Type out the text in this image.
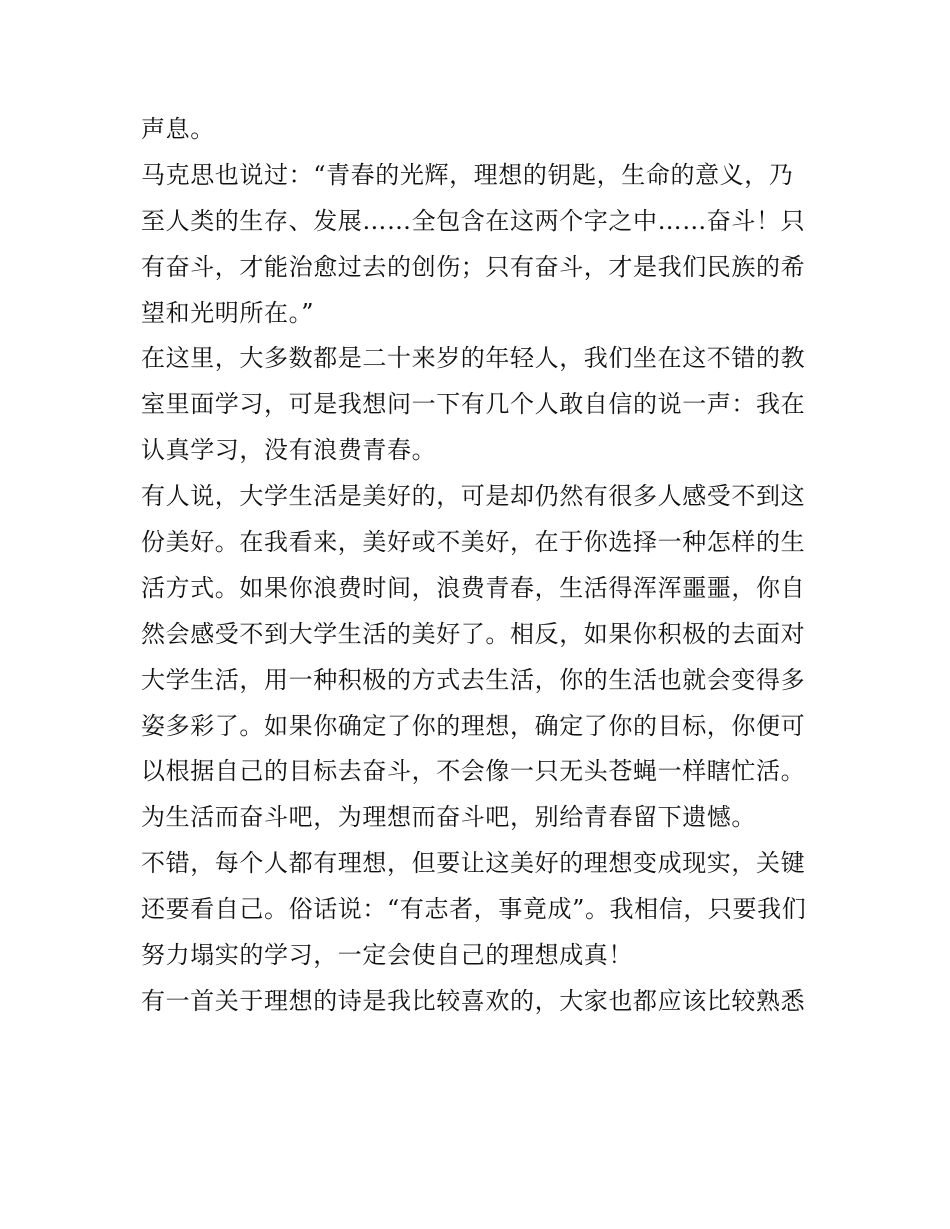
声息。
马克思也说过：“青春的光辉，理想的钥匙，生命的意义，乃
至人类的生存、发展……全包含在这两个字之中……奋斗！只
有奋斗，才能治愈过去的创伤；只有奋斗，才是我们民族的希
望和光明所在。”
在这里，大多数都是二十来岁的年轻人，我们坐在这不错的教
室里面学习，可是我想问一下有几个人敢自信的说一声：我在
认真学习，没有浪费青春。
有人说，大学生活是美好的，可是却仍然有很多人感受不到这
份美好。在我看来，美好或不美好，在于你选择一种怎样的生
活方式。如果你浪费时间，浪费青春，生活得浑浑噩噩，你自
然会感受不到大学生活的美好了。相反，如果你积极的去面对
大学生活，用一种积极的方式去生活，你的生活也就会变得多
姿多彩了。如果你确定了你的理想，确定了你的目标，你便可
以根据自己的目标去奋斗，不会像一只无头苍蝇一样瞎忙活。
为生活而奋斗吧，为理想而奋斗吧，别给青春留下遗憾。
不错，每个人都有理想，但要让这美好的理想变成现实，关键
还要看自己。俗话说：“有志者，事竟成”。我相信，只要我们
努力塌实的学习，一定会使自己的理想成真！
有一首关于理想的诗是我比较喜欢的，大家也都应该比较熟悉
